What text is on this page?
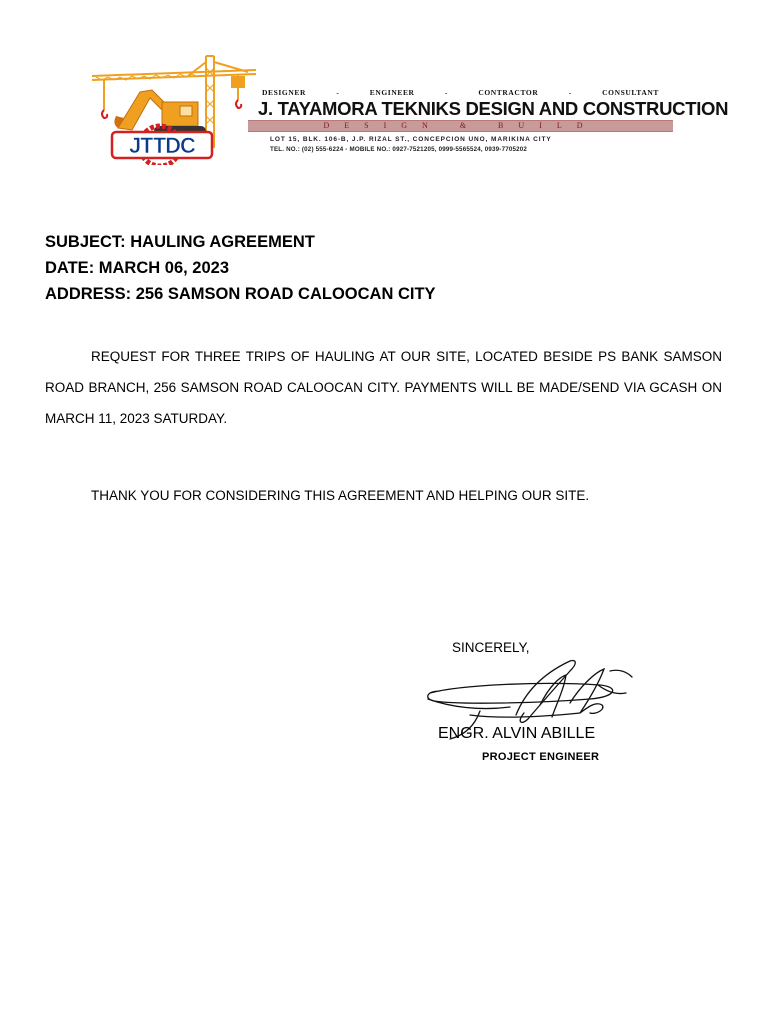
JTTDC
DESIGNER	-	ENGINEER	-	CONTRACTOR	-	CONSULTANT
J. TAYAMORA TEKNIKS DESIGN AND CONSTRUCTION
DESIGN & BUILD
LOT 15, BLK. 106-B, J.P. RIZAL ST., CONCEPCION UNO, MARIKINA CITY
TEL. NO.: (02) 555-6224 - MOBILE NO.: 0927-7521205, 0999-5565524, 0939-7705202
SUBJECT: HAULING AGREEMENT
DATE: MARCH 06, 2023
ADDRESS: 256 SAMSON ROAD CALOOCAN CITY
REQUEST FOR THREE TRIPS OF HAULING AT OUR SITE, LOCATED BESIDE PS BANK SAMSON ROAD BRANCH, 256 SAMSON ROAD CALOOCAN CITY. PAYMENTS WILL BE MADE/SEND VIA GCASH ON MARCH 11, 2023 SATURDAY.
THANK YOU FOR CONSIDERING THIS AGREEMENT AND HELPING OUR SITE.
SINCERELY,
ENGR. ALVIN ABILLE
PROJECT ENGINEER
